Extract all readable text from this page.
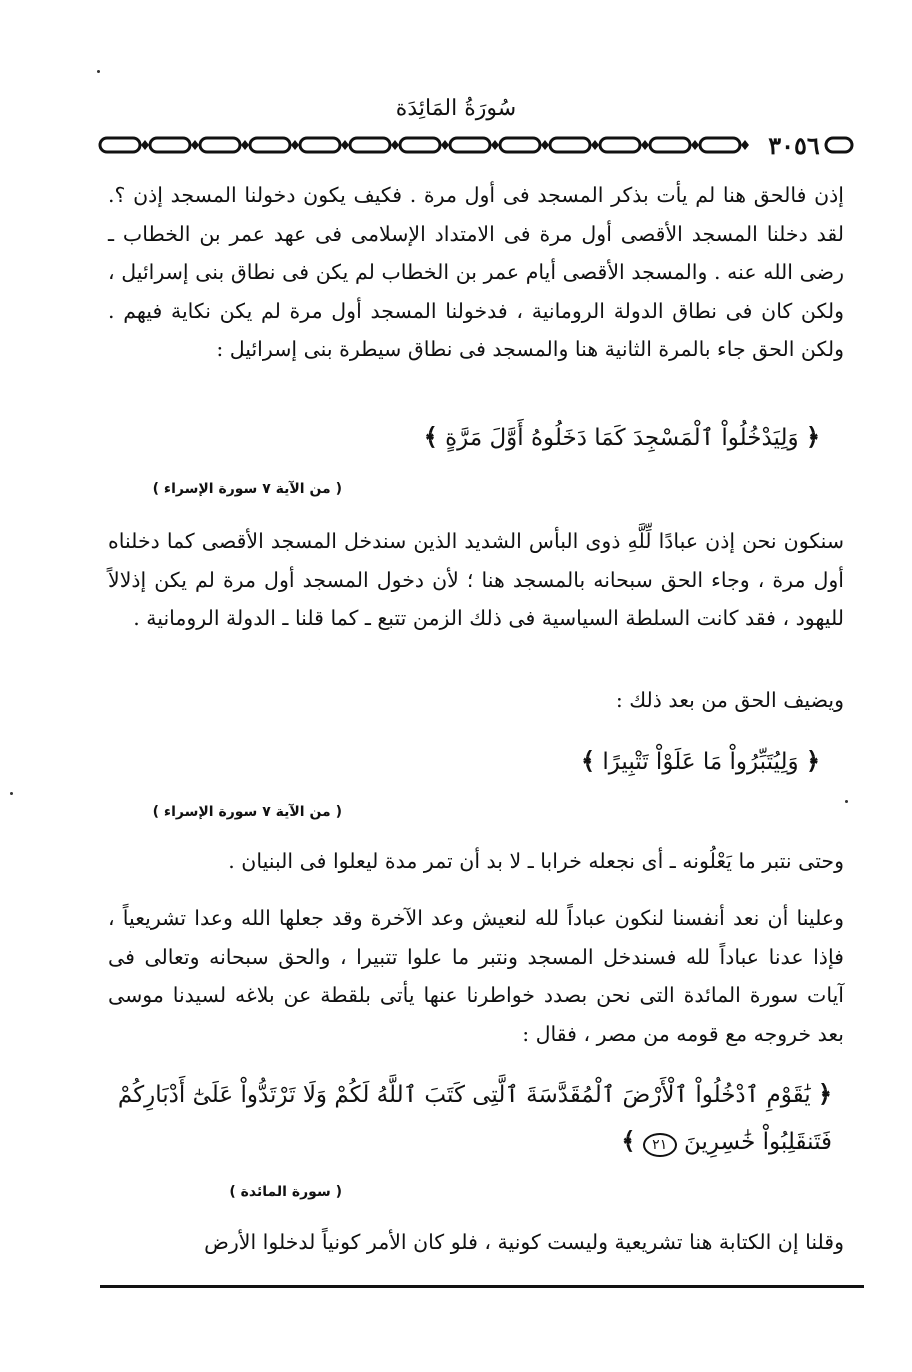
سُورَةُ المَائِدَة
٣٠٥٦
إذن فالحق هنا لم يأت بذكر المسجد فى أول مرة . فكيف يكون دخولنا المسجد إذن ؟. لقد دخلنا المسجد الأقصى أول مرة فى الامتداد الإسلامى فى عهد عمر بن الخطاب ـ رضى الله عنه . والمسجد الأقصى أيام عمر بن الخطاب لم يكن فى نطاق بنى إسرائيل ، ولكن كان فى نطاق الدولة الرومانية ، فدخولنا المسجد أول مرة لم يكن نكاية فيهم . ولكن الحق جاء بالمرة الثانية هنا والمسجد فى نطاق سيطرة بنى إسرائيل :
﴿ وَلِيَدْخُلُواْ ٱلْمَسْجِدَ كَمَا دَخَلُوهُ أَوَّلَ مَرَّةٍ ﴾
( من الآية ٧ سورة الإسراء )
سنكون نحن إذن عبادًا لِّلَّهِ ذوى البأس الشديد الذين سندخل المسجد الأقصى كما دخلناه أول مرة ، وجاء الحق سبحانه بالمسجد هنا ؛ لأن دخول المسجد أول مرة لم يكن إذلالاً لليهود ، فقد كانت السلطة السياسية فى ذلك الزمن تتبع ـ كما قلنا ـ الدولة الرومانية .
ويضيف الحق من بعد ذلك :
﴿ وَلِيُتَبِّرُواْ مَا عَلَوْاْ تَتْبِيرًا ﴾
( من الآية ٧ سورة الإسراء )
وحتى نتبر ما يَعْلُونه ـ أى نجعله خرابا ـ لا بد أن تمر مدة ليعلوا فى البنيان .
وعلينا أن نعد أنفسنا لنكون عباداً لله لنعيش وعد الآخرة وقد جعلها الله وعدا تشريعياً ، فإذا عدنا عباداً لله فسندخل المسجد ونتبر ما علوا تتبيرا ، والحق سبحانه وتعالى فى آيات سورة المائدة التى نحن بصدد خواطرنا عنها يأتى بلقطة عن بلاغه لسيدنا موسى بعد خروجه مع قومه من مصر ، فقال :
﴿ يَٰقَوْمِ ٱدْخُلُواْ ٱلْأَرْضَ ٱلْمُقَدَّسَةَ ٱلَّتِى كَتَبَ ٱللَّهُ لَكُمْ وَلَا تَرْتَدُّواْ عَلَىٰٓ أَدْبَارِكُمْ
فَتَنقَلِبُواْ خَٰسِرِينَ ٢١ ﴾
( سورة المائدة )
وقلنا إن الكتابة هنا تشريعية وليست كونية ، فلو كان الأمر كونياً لدخلوا الأرض
